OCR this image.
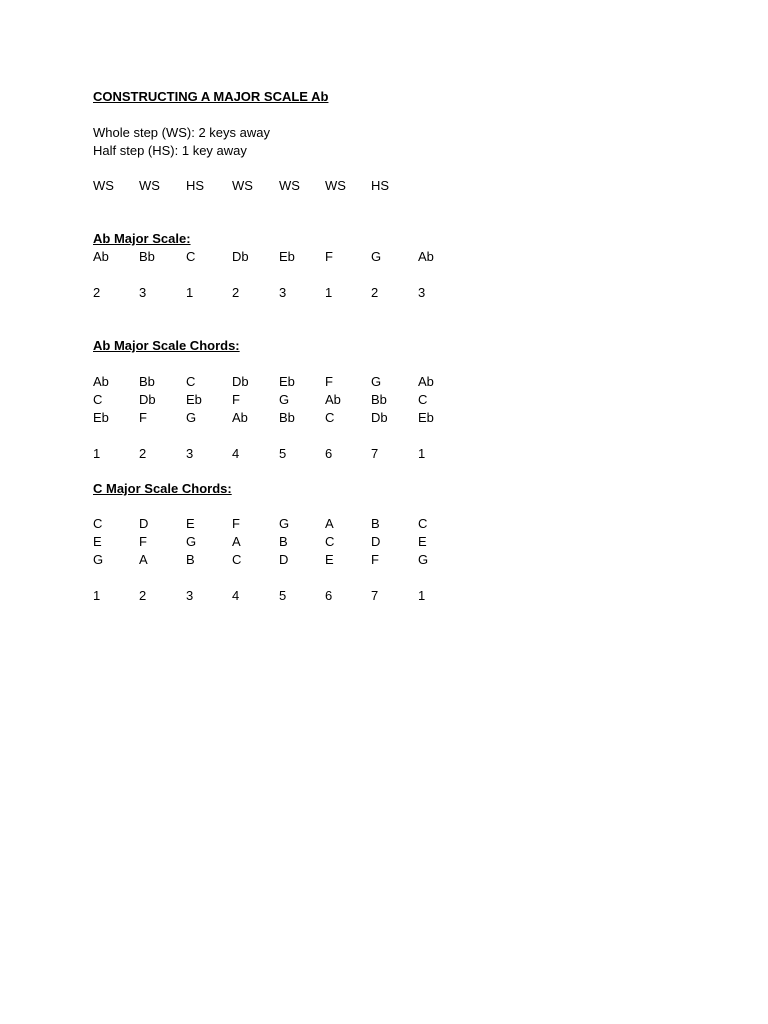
CONSTRUCTING A MAJOR SCALE Ab
Whole step (WS): 2 keys away
Half step (HS): 1 key away
WS WS HS WS WS WS HS
Ab Major Scale:
Ab Bb C	Db Eb F	G	Ab
2	3	1	2	3	1	2	3
Ab Major Scale Chords:
Ab Bb C	Db Eb F	G	Ab
C	Db Eb F	G	Ab Bb C
Eb F	G	Ab Bb C	Db Eb
1	2	3	4	5	6	7	1
C Major Scale Chords:
C	D	E	F	G	A	B	C
E	F	G	A	B	C	D	E
G	A	B	C	D	E	F	G
1	2	3	4	5	6	7	1
